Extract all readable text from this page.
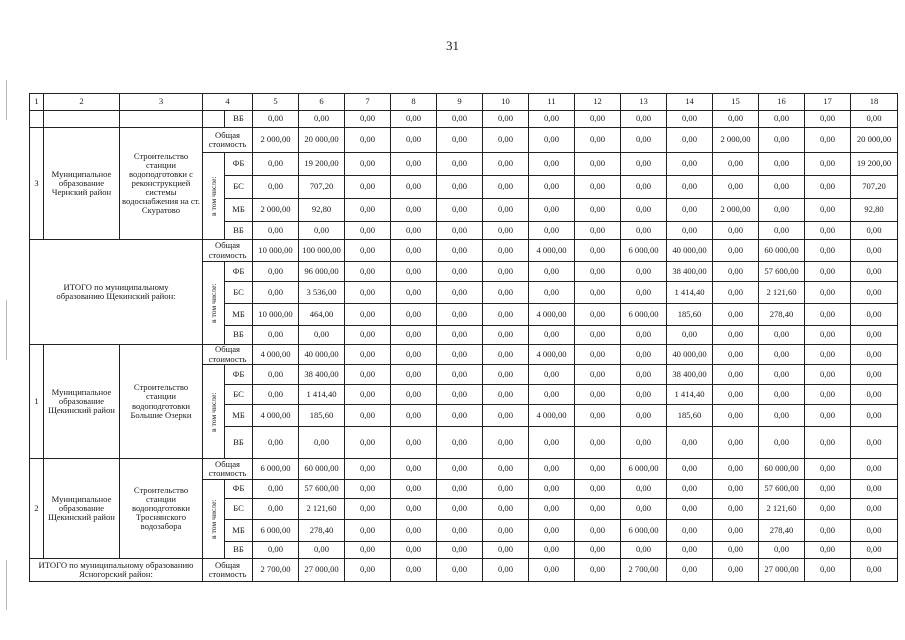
31
1	2	3	4		5	6	7	8	9	10	11	12	13	14	15	16	17	18
				ВБ	0,00	0,00	0,00	0,00	0,00	0,00	0,00	0,00	0,00	0,00	0,00	0,00	0,00	0,00
3	Муниципальное образование Чернский район	Строительство станции водоподготовки с реконструкцией системы водоснабжения на ст. Скуратово	Общая стоимость		2 000,00	20 000,00	0,00	0,00	0,00	0,00	0,00	0,00	0,00	0,00	2 000,00	0,00	0,00	20 000,00
			в том числе:	ФБ	0,00	19 200,00	0,00	0,00	0,00	0,00	0,00	0,00	0,00	0,00	0,00	0,00	0,00	19 200,00
				БС	0,00	707,20	0,00	0,00	0,00	0,00	0,00	0,00	0,00	0,00	0,00	0,00	0,00	707,20
				МБ	2 000,00	92,80	0,00	0,00	0,00	0,00	0,00	0,00	0,00	0,00	2 000,00	0,00	0,00	92,80
				ВБ	0,00	0,00	0,00	0,00	0,00	0,00	0,00	0,00	0,00	0,00	0,00	0,00	0,00	0,00
ИТОГО по муниципальному образованию Щекинский район:			Общая стоимость		10 000,00	100 000,00	0,00	0,00	0,00	0,00	4 000,00	0,00	6 000,00	40 000,00	0,00	60 000,00	0,00	0,00
			в том числе:	ФБ	0,00	96 000,00	0,00	0,00	0,00	0,00	0,00	0,00	0,00	38 400,00	0,00	57 600,00	0,00	0,00
				БС	0,00	3 536,00	0,00	0,00	0,00	0,00	0,00	0,00	0,00	1 414,40	0,00	2 121,60	0,00	0,00
				МБ	10 000,00	464,00	0,00	0,00	0,00	0,00	4 000,00	0,00	6 000,00	185,60	0,00	278,40	0,00	0,00
				ВБ	0,00	0,00	0,00	0,00	0,00	0,00	0,00	0,00	0,00	0,00	0,00	0,00	0,00	0,00
1	Муниципальное образование Щекинский район	Строительство станции водоподготовки Большие Озерки	Общая стоимость		4 000,00	40 000,00	0,00	0,00	0,00	0,00	4 000,00	0,00	0,00	40 000,00	0,00	0,00	0,00	0,00
			в том числе:	ФБ	0,00	38 400,00	0,00	0,00	0,00	0,00	0,00	0,00	0,00	38 400,00	0,00	0,00	0,00	0,00
				БС	0,00	1 414,40	0,00	0,00	0,00	0,00	0,00	0,00	0,00	1 414,40	0,00	0,00	0,00	0,00
				МБ	4 000,00	185,60	0,00	0,00	0,00	0,00	4 000,00	0,00	0,00	185,60	0,00	0,00	0,00	0,00
				ВБ	0,00	0,00	0,00	0,00	0,00	0,00	0,00	0,00	0,00	0,00	0,00	0,00	0,00	0,00
2	Муниципальное образование Щекинский район	Строительство станции водоподготовки Троснянского водозабора	Общая стоимость		6 000,00	60 000,00	0,00	0,00	0,00	0,00	0,00	0,00	6 000,00	0,00	0,00	60 000,00	0,00	0,00
			в том числе:	ФБ	0,00	57 600,00	0,00	0,00	0,00	0,00	0,00	0,00	0,00	0,00	0,00	57 600,00	0,00	0,00
				БС	0,00	2 121,60	0,00	0,00	0,00	0,00	0,00	0,00	0,00	0,00	0,00	2 121,60	0,00	0,00
				МБ	6 000,00	278,40	0,00	0,00	0,00	0,00	0,00	0,00	6 000,00	0,00	0,00	278,40	0,00	0,00
				ВБ	0,00	0,00	0,00	0,00	0,00	0,00	0,00	0,00	0,00	0,00	0,00	0,00	0,00	0,00
ИТОГО по муниципальному образованию Ясногорский район:			Общая стоимость		2 700,00	27 000,00	0,00	0,00	0,00	0,00	0,00	0,00	2 700,00	0,00	0,00	27 000,00	0,00	0,00
